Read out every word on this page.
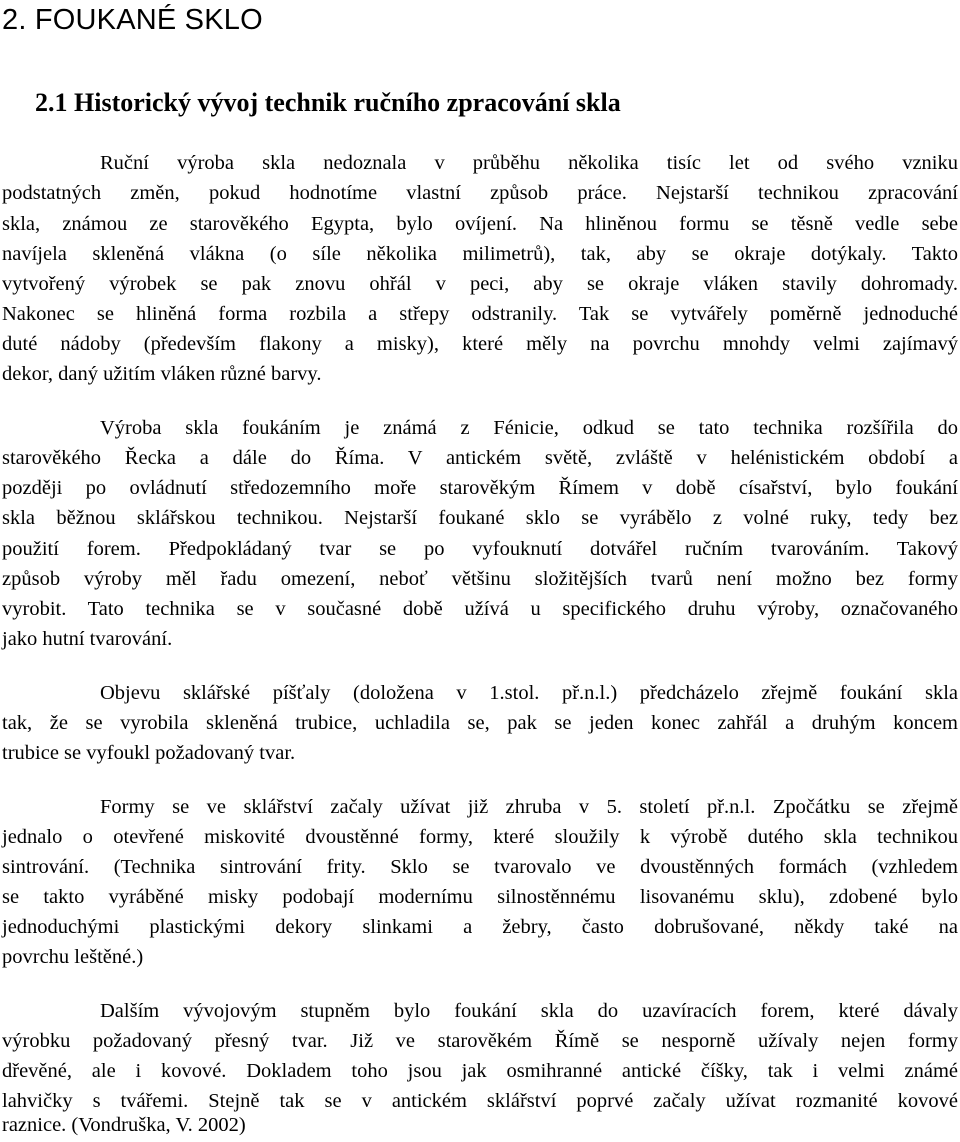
2. FOUKANÉ SKLO
2.1 Historický vývoj technik ručního zpracování skla
Ruční výroba skla nedoznala v průběhu několika tisíc let od svého vzniku
podstatných změn, pokud hodnotíme vlastní způsob práce. Nejstarší technikou zpracování
skla, známou ze starověkého Egypta, bylo ovíjení. Na hliněnou formu se těsně vedle sebe
navíjela skleněná vlákna (o síle několika milimetrů), tak, aby se okraje dotýkaly. Takto
vytvořený výrobek se pak znovu ohřál v peci, aby se okraje vláken stavily dohromady.
Nakonec se hliněná forma rozbila a střepy odstranily. Tak se vytvářely poměrně jednoduché
duté nádoby (především flakony a misky), které měly na povrchu mnohdy velmi zajímavý
dekor, daný užitím vláken různé barvy.
Výroba skla foukáním je známá z Fénicie, odkud se tato technika rozšířila do
starověkého Řecka a dále do Říma. V antickém světě, zvláště v helénistickém období a
později po ovládnutí středozemního moře starověkým Římem v době císařství, bylo foukání
skla běžnou sklářskou technikou. Nejstarší foukané sklo se vyrábělo z volné ruky, tedy bez
použití forem. Předpokládaný tvar se po vyfouknutí dotvářel ručním tvarováním. Takový
způsob výroby měl řadu omezení, neboť většinu složitějších tvarů není možno bez formy
vyrobit. Tato technika se v současné době užívá u specifického druhu výroby, označovaného
jako hutní tvarování.
Objevu sklářské píšťaly (doložena v 1.stol. př.n.l.) předcházelo zřejmě foukání skla
tak, že se vyrobila skleněná trubice, uchladila se, pak se jeden konec zahřál a druhým koncem
trubice se vyfoukl požadovaný tvar.
Formy se ve sklářství začaly užívat již zhruba v 5. století př.n.l. Zpočátku se zřejmě
jednalo o otevřené miskovité dvoustěnné formy, které sloužily k výrobě dutého skla technikou
sintrování. (Technika sintrování frity. Sklo se tvarovalo ve dvoustěnných formách (vzhledem
se takto vyráběné misky podobají modernímu silnostěnnému lisovanému sklu), zdobené bylo
jednoduchými plastickými dekory slinkami a žebry, často dobrušované, někdy také na
povrchu leštěné.)
Dalším vývojovým stupněm bylo foukání skla do uzavíracích forem, které dávaly
výrobku požadovaný přesný tvar. Již ve starověkém Římě se nesporně užívaly nejen formy
dřevěné, ale i kovové. Dokladem toho jsou jak osmihranné antické číšky, tak i velmi známé
lahvičky s tvářemi. Stejně tak se v antickém sklářství poprvé začaly užívat rozmanité kovové
raznice. (Vondruška, V. 2002)
